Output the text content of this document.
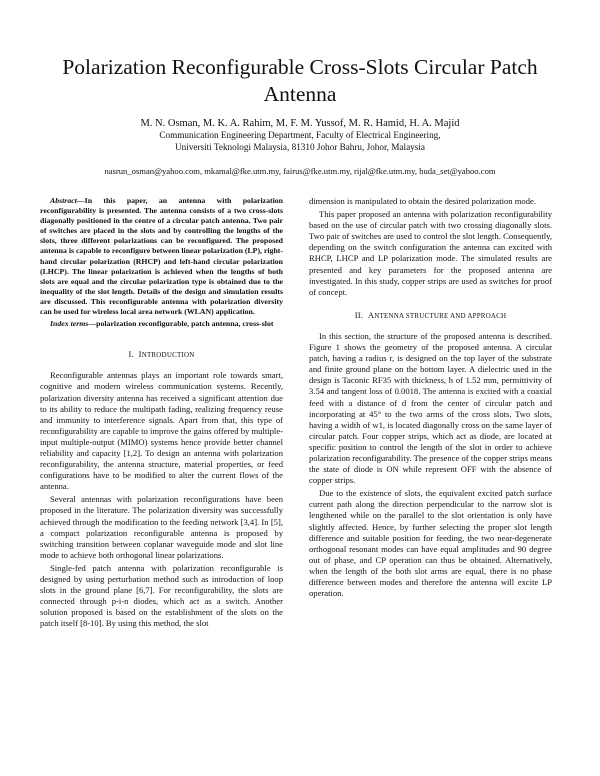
Polarization Reconfigurable Cross-Slots Circular Patch Antenna
M. N. Osman, M. K. A. Rahim, M. F. M. Yussof, M. R. Hamid, H. A. Majid
Communication Engineering Department, Faculty of Electrical Engineering,
Universiti Teknologi Malaysia, 81310 Johor Bahru, Johor, Malaysia
nasrun_osman@yahoo.com, mkamal@fke.utm.my, fairus@fke.utm.my, rijal@fke.utm.my, huda_set@yahoo.com

Abstract—In this paper, an antenna with polarization reconfigurability is presented. The antenna consists of a two cross-slots diagonally positioned in the centre of a circular patch antenna. Two pair of switches are placed in the slots and by controlling the lengths of the slots, three different polarizations can be reconfigured. The proposed antenna is capable to reconfigure between linear polarization (LP), right-hand circular polarization (RHCP) and left-hand circular polarization (LHCP). The linear polarization is achieved when the lengths of both slots are equal and the circular polarization type is obtained due to the inequality of the slot length. Details of the design and simulation results are discussed. This reconfigurable antenna with polarization diversity can be used for wireless local area network (WLAN) application.

Index terms—polarization reconfigurable, patch antenna, cross-slot

I. INTRODUCTION

Reconfigurable antennas plays an important role towards smart, cognitive and modern wireless communication systems. Recently, polarization diversity antenna has received a significant attention due to its ability to reduce the multipath fading, realizing frequency reuse and immunity to interference signals. Apart from that, this type of reconfigurability are capable to improve the gains offered by multiple-input multiple-output (MIMO) systems hence provide better channel reliability and capacity [1,2]. To design an antenna with polarization reconfigurability, the antenna structure, material properties, or feed configurations have to be modified to alter the current flows of the antenna.

Several antennas with polarization reconfigurations have been proposed in the literature. The polarization diversity was successfully achieved through the modification to the feeding network [3,4]. In [5], a compact polarization reconfigurable antenna is proposed by switching transition between coplanar waveguide mode and slot line mode to achieve both orthogonal linear polarizations.

Single-fed patch antenna with polarization reconfigurable is designed by using perturbation method such as introduction of loop slots in the ground plane [6,7]. For reconfigurability, the slots are connected through p-i-n diodes, which act as a switch. Another solution proposed is based on the establishment of the slots on the patch itself [8-10]. By using this method, the slot

dimension is manipulated to obtain the desired polarization mode.

This paper proposed an antenna with polarization reconfigurability based on the use of circular patch with two crossing diagonally slots. Two pair of switches are used to control the slot length. Consequently, depending on the switch configuration the antenna can excited with RHCP, LHCP and LP polarization mode. The simulated results are presented and key parameters for the proposed antenna are investigated. In this study, copper strips are used as switches for proof of concept.

II. ANTENNA STRUCTURE AND APPROACH

In this section, the structure of the proposed antenna is described. Figure 1 shows the geometry of the proposed antenna. A circular patch, having a radius r, is designed on the top layer of the substrate and finite ground plane on the bottom layer. A dielectric used in the design is Taconic RF35 with thickness, h of 1.52 mm, permittivity of 3.54 and tangent loss of 0.0018. The antenna is excited with a coaxial feed with a distance of d from the center of circular patch and incorporating at 45° to the two arms of the cross slots. Two slots, having a width of w1, is located diagonally cross on the same layer of circular patch. Four copper strips, which act as diode, are located at specific position to control the length of the slot in order to achieve polarization reconfigurability. The presence of the copper strips means the state of diode is ON while represent OFF with the absence of copper strips.

Due to the existence of slots, the equivalent excited patch surface current path along the direction perpendicular to the narrow slot is lengthened while on the parallel to the slot orientation is only have slightly affected. Hence, by further selecting the proper slot length difference and suitable position for feeding, the two near-degenerate orthogonal resonant modes can have equal amplitudes and 90 degree out of phase, and CP operation can thus be obtained. Alternatively, when the length of the both slot arms are equal, there is no phase difference between modes and therefore the antenna will excite LP operation.
